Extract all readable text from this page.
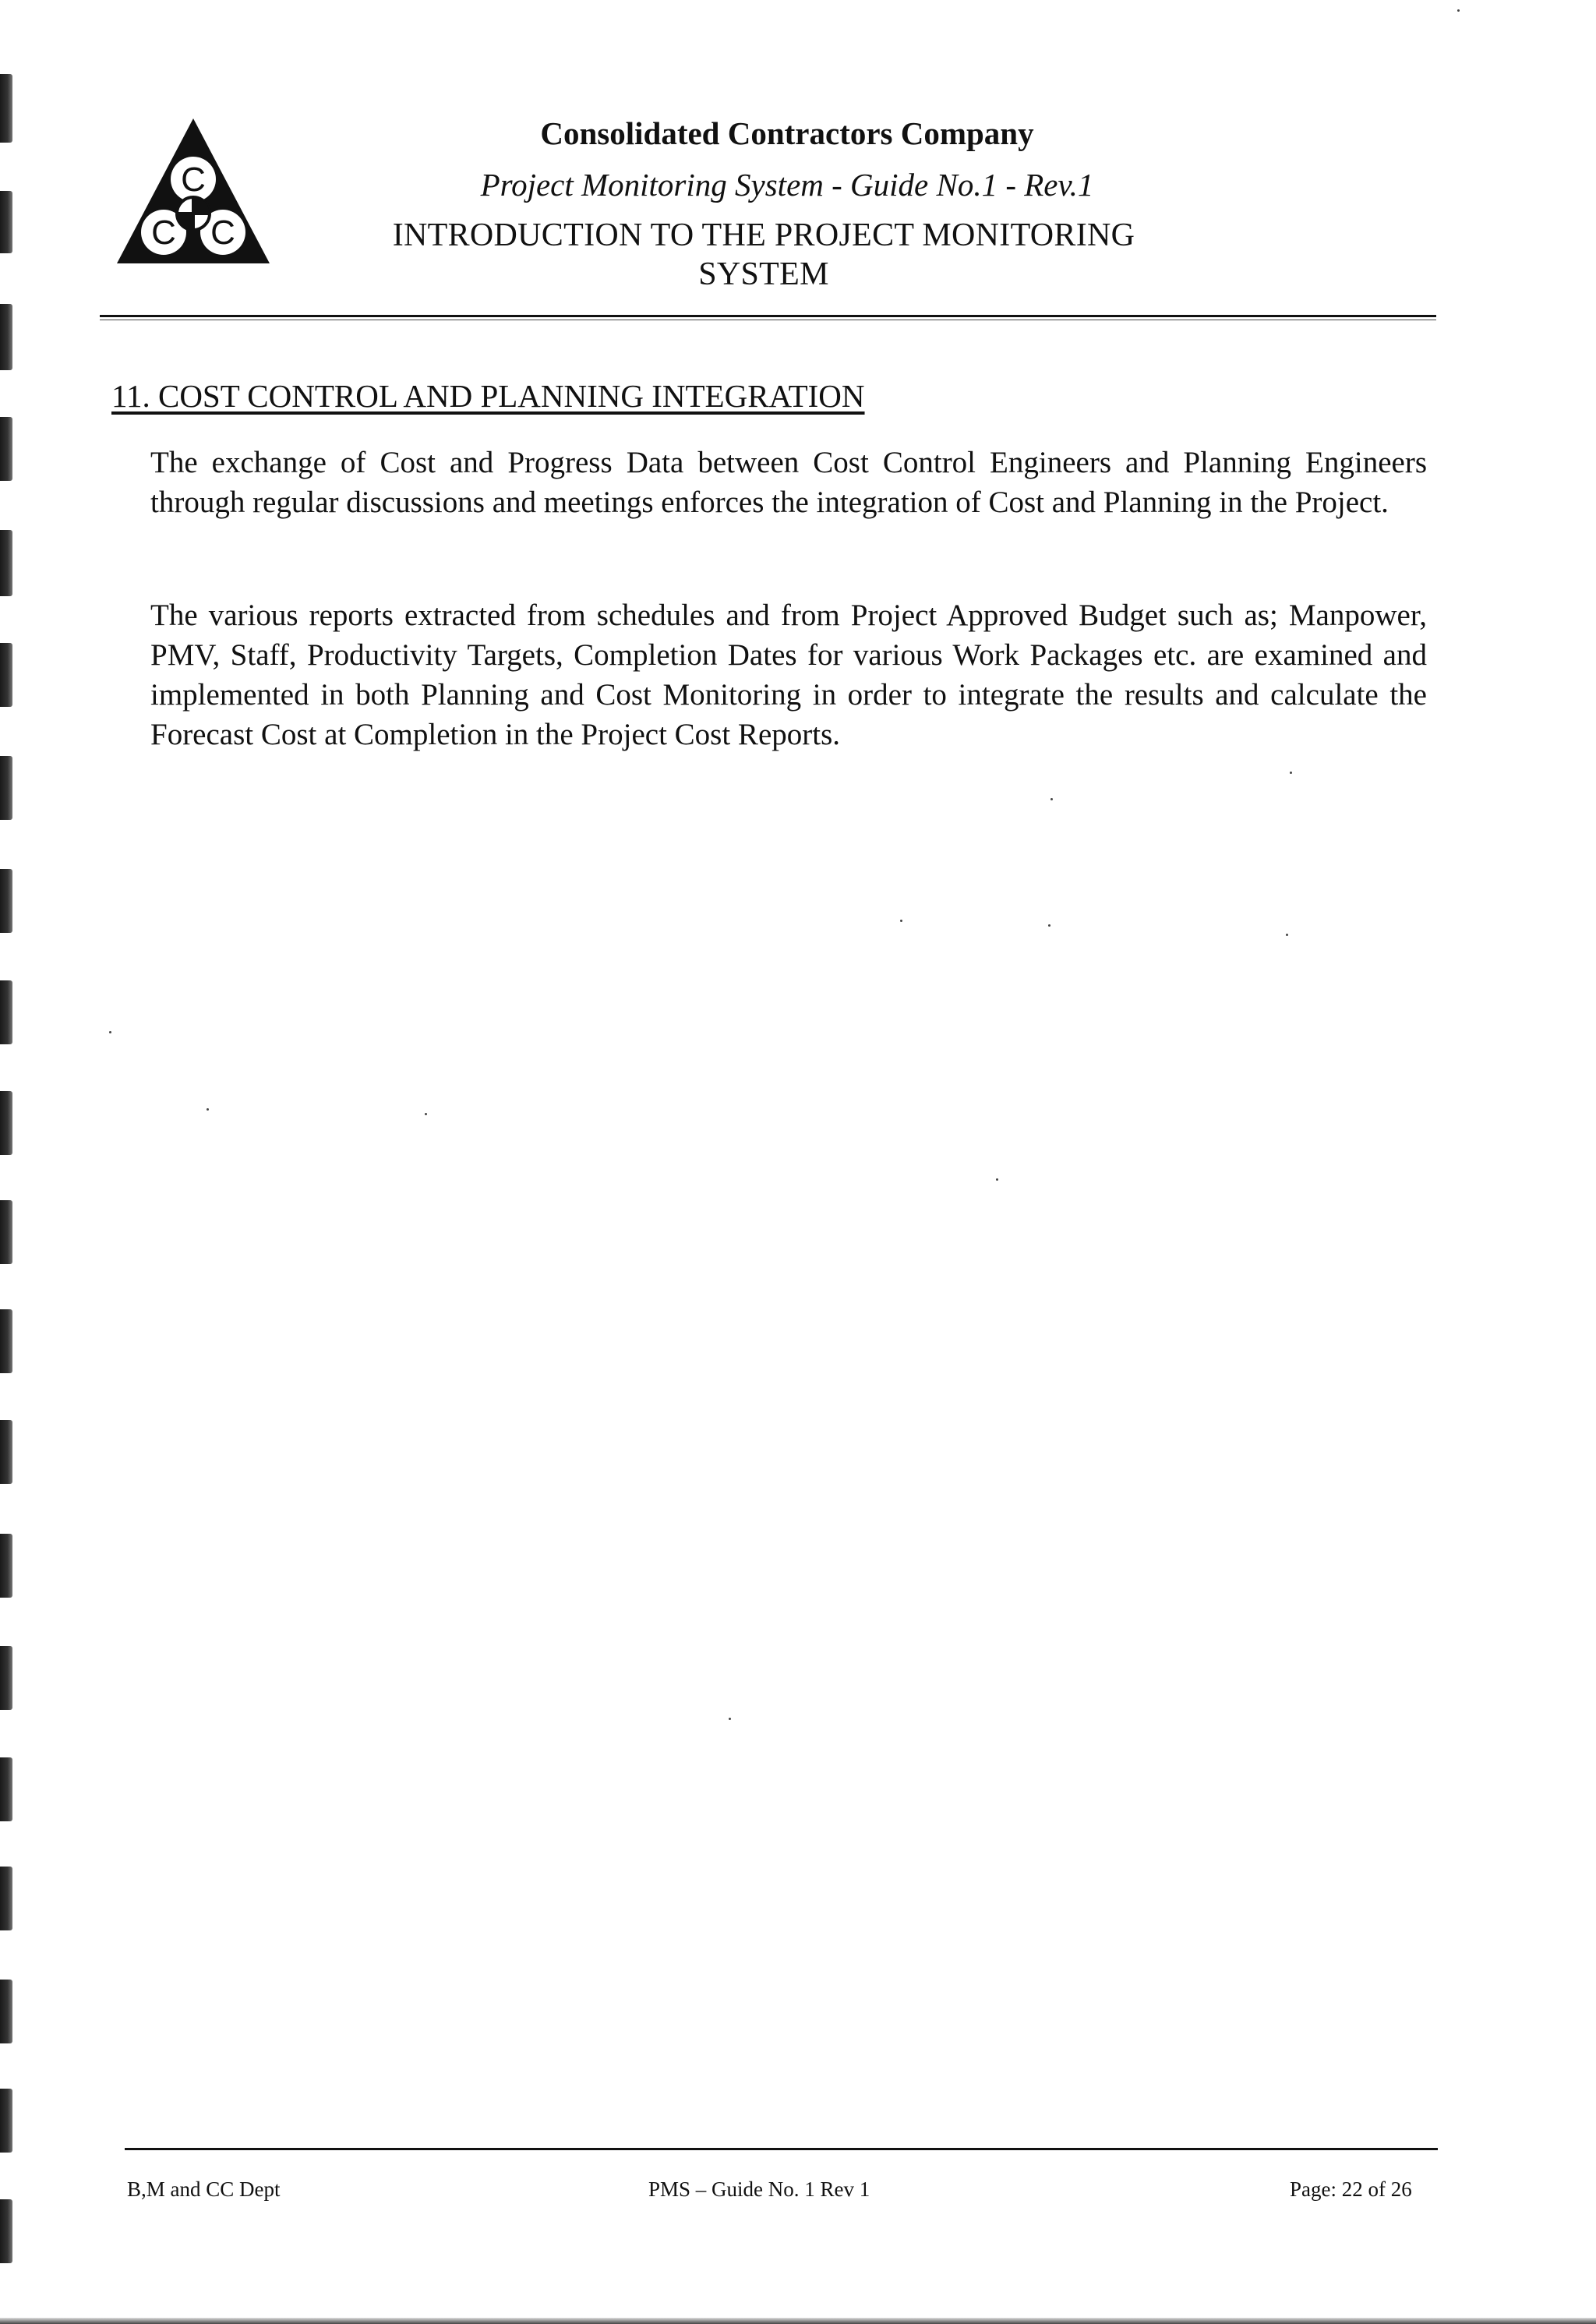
C
C C
Consolidated Contractors Company
Project Monitoring System - Guide No.1 - Rev.1
INTRODUCTION TO THE PROJECT MONITORING
SYSTEM
11. COST CONTROL AND PLANNING INTEGRATION

The exchange of Cost and Progress Data between Cost Control Engineers and Planning Engineers through regular discussions and meetings enforces the integration of Cost and Planning in the Project.

The various reports extracted from schedules and from Project Approved Budget such as; Manpower, PMV, Staff, Productivity Targets, Completion Dates for various Work Packages etc. are examined and implemented in both Planning and Cost Monitoring in order to integrate the results and calculate the Forecast Cost at Completion in the Project Cost Reports.

B,M and CC Dept	PMS – Guide No. 1 Rev 1	Page: 22 of 26
